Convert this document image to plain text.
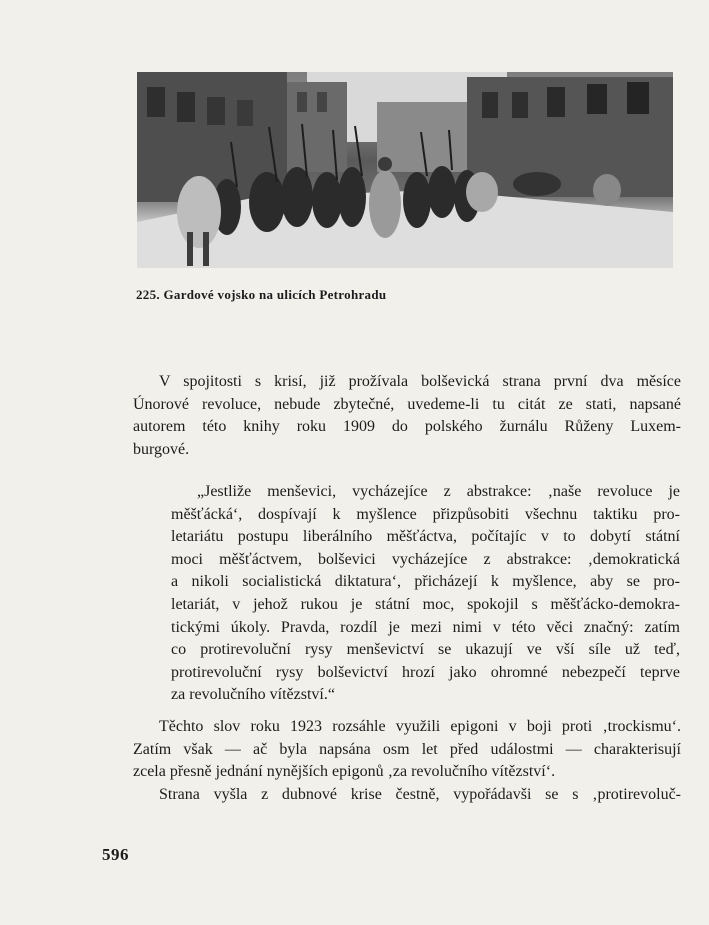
225. Gardové vojsko na ulicích Petrohradu
V spojitosti s krisí, již prožívala bolševická strana první dva měsíce
Únorové revoluce, nebude zbytečné, uvedeme-li tu citát ze stati, napsané
autorem této knihy roku 1909 do polského žurnálu Růženy Luxem-
burgové.
„Jestliže menševici, vycházejíce z abstrakce: ‚naše revoluce je
měšťácká‘, dospívají k myšlence přizpůsobiti všechnu taktiku pro-
letariátu postupu liberálního měšťáctva, počítajíc v to dobytí státní
moci měšťáctvem, bolševici vycházejíce z abstrakce: ‚demokratická
a nikoli socialistická diktatura‘, přicházejí k myšlence, aby se pro-
letariát, v jehož rukou je státní moc, spokojil s měšťácko-demokra-
tickými úkoly. Pravda, rozdíl je mezi nimi v této věci značný: zatím
co protirevoluční rysy menševictví se ukazují ve vší síle už teď,
protirevoluční rysy bolševictví hrozí jako ohromné nebezpečí teprve
za revolučního vítězství.“
Těchto slov roku 1923 rozsáhle využili epigoni v boji proti ‚trockismu‘.
Zatím však — ač byla napsána osm let před událostmi — charakterisují
zcela přesně jednání nynějších epigonů ‚za revolučního vítězství‘.
Strana vyšla z dubnové krise čestně, vypořádavši se s ‚protirevoluč-
596
